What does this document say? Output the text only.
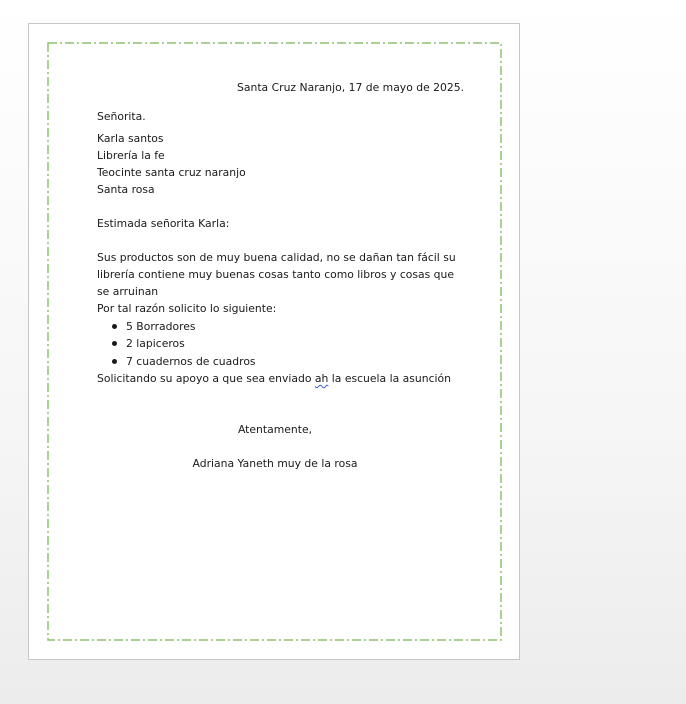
Santa Cruz Naranjo, 17 de mayo de 2025.
Señorita.
Karla santos
Librería la fe
Teocinte santa cruz naranjo
Santa rosa
Estimada señorita Karla:
Sus productos son de muy buena calidad, no se dañan tan fácil su
librería contiene muy buenas cosas tanto como libros y cosas que
se arruinan
Por tal razón solicito lo siguiente:
5 Borradores
2 lapiceros
7 cuadernos de cuadros
Solicitando su apoyo a que sea enviado ah la escuela la asunción
Atentamente,
Adriana Yaneth muy de la rosa
